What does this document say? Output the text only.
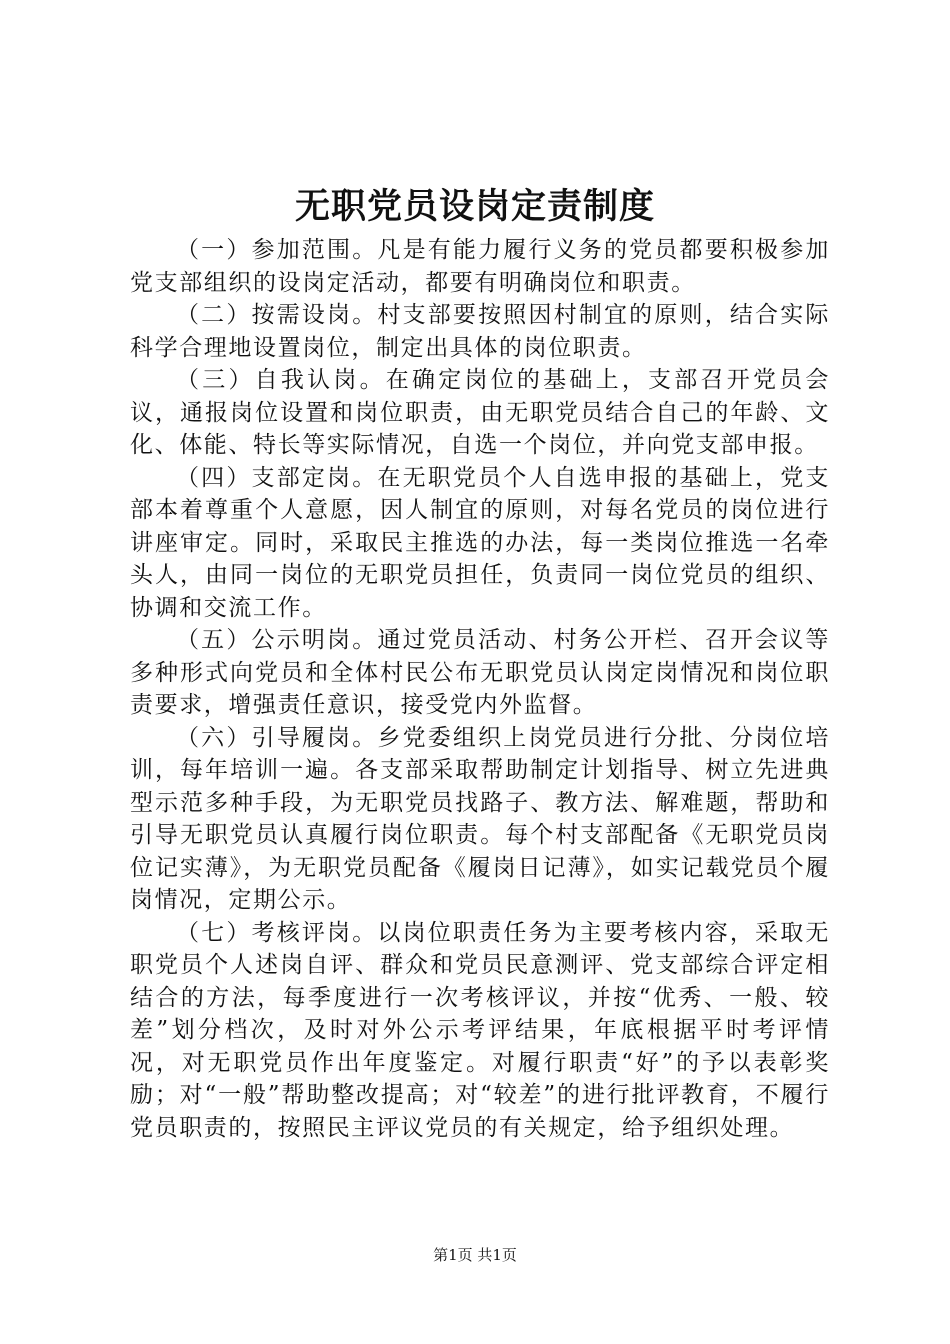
无职党员设岗定责制度

（一）参加范围。凡是有能力履行义务的党员都要积极参加党支部组织的设岗定活动，都要有明确岗位和职责。

（二）按需设岗。村支部要按照因村制宜的原则，结合实际科学合理地设置岗位，制定出具体的岗位职责。

（三）自我认岗。在确定岗位的基础上，支部召开党员会议，通报岗位设置和岗位职责，由无职党员结合自己的年龄、文化、体能、特长等实际情况，自选一个岗位，并向党支部申报。

（四）支部定岗。在无职党员个人自选申报的基础上，党支部本着尊重个人意愿，因人制宜的原则，对每名党员的岗位进行讲座审定。同时，采取民主推选的办法，每一类岗位推选一名牵头人，由同一岗位的无职党员担任，负责同一岗位党员的组织、协调和交流工作。

（五）公示明岗。通过党员活动、村务公开栏、召开会议等多种形式向党员和全体村民公布无职党员认岗定岗情况和岗位职责要求，增强责任意识，接受党内外监督。

（六）引导履岗。乡党委组织上岗党员进行分批、分岗位培训，每年培训一遍。各支部采取帮助制定计划指导、树立先进典型示范多种手段，为无职党员找路子、教方法、解难题，帮助和引导无职党员认真履行岗位职责。每个村支部配备《无职党员岗位记实薄》，为无职党员配备《履岗日记薄》，如实记载党员个履岗情况，定期公示。

（七）考核评岗。以岗位职责任务为主要考核内容，采取无职党员个人述岗自评、群众和党员民意测评、党支部综合评定相结合的方法，每季度进行一次考核评议，并按“优秀、一般、较差”划分档次，及时对外公示考评结果，年底根据平时考评情况，对无职党员作出年度鉴定。对履行职责“好”的予以表彰奖励；对“一般”帮助整改提高；对“较差”的进行批评教育，不履行党员职责的，按照民主评议党员的有关规定，给予组织处理。

第1页 共1页
